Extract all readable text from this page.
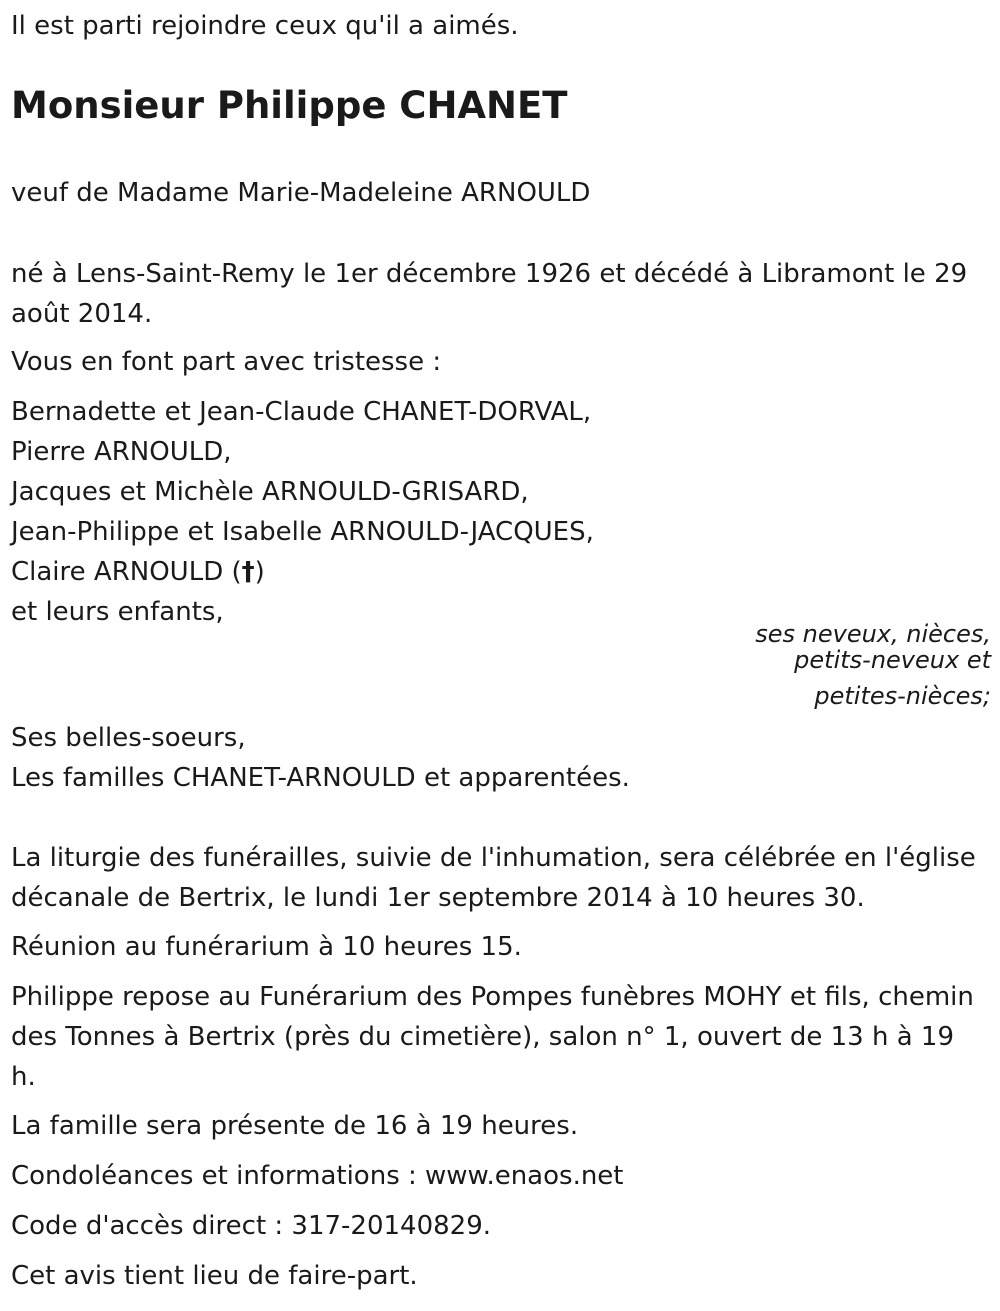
Il est parti rejoindre ceux qu'il a aimés.

Monsieur Philippe CHANET

veuf de Madame Marie-Madeleine ARNOULD

né à Lens-Saint-Remy le 1er décembre 1926 et décédé à Libramont le 29 août 2014.

Vous en font part avec tristesse :

Bernadette et Jean-Claude CHANET-DORVAL,
Pierre ARNOULD,
Jacques et Michèle ARNOULD-GRISARD,
Jean-Philippe et Isabelle ARNOULD-JACQUES,
Claire ARNOULD (†)
et leurs enfants,
ses neveux, nièces,
petits-neveux et
petites-nièces;
Ses belles-soeurs,
Les familles CHANET-ARNOULD et apparentées.

La liturgie des funérailles, suivie de l'inhumation, sera célébrée en l'église décanale de Bertrix, le lundi 1er septembre 2014 à 10 heures 30.

Réunion au funérarium à 10 heures 15.

Philippe repose au Funérarium des Pompes funèbres MOHY et fils, chemin des Tonnes à Bertrix (près du cimetière), salon n° 1, ouvert de 13 h à 19 h.

La famille sera présente de 16 à 19 heures.

Condoléances et informations : www.enaos.net

Code d'accès direct : 317-20140829.

Cet avis tient lieu de faire-part.
